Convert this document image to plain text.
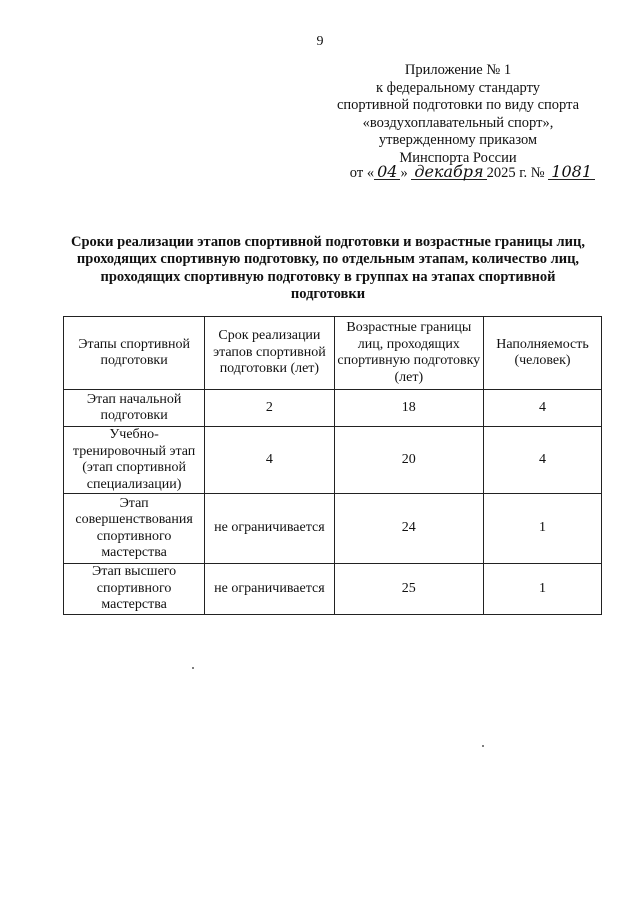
9
Приложение № 1
к федеральному стандарту
спортивной подготовки по виду спорта
«воздухоплавательный спорт»,
утвержденному приказом
Минспорта России
от « 04 » декабря 2025 г. № 1081
Сроки реализации этапов спортивной подготовки и возрастные границы лиц, проходящих спортивную подготовку, по отдельным этапам, количество лиц, проходящих спортивную подготовку в группах на этапах спортивной подготовки
Этапы спортивной подготовки	Срок реализации этапов спортивной подготовки (лет)	Возрастные границы лиц, проходящих спортивную подготовку (лет)	Наполняемость (человек)
Этап начальной подготовки	2	18	4
Учебно-тренировочный этап (этап спортивной специализации)	4	20	4
Этап совершенствования спортивного мастерства	не ограничивается	24	1
Этап высшего спортивного мастерства	не ограничивается	25	1
